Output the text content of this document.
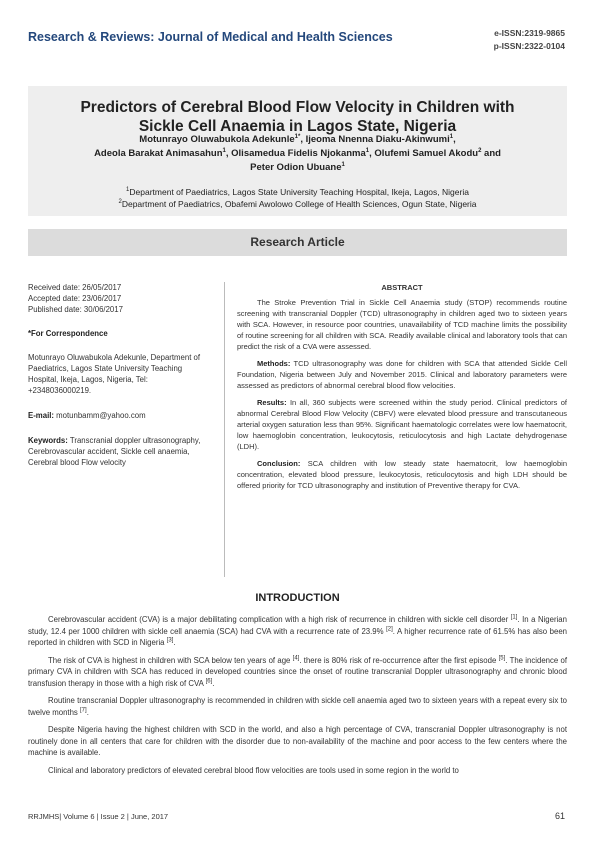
Research & Reviews: Journal of Medical and Health Sciences	e-ISSN:2319-9865
p-ISSN:2322-0104
Predictors of Cerebral Blood Flow Velocity in Children with Sickle Cell Anaemia in Lagos State, Nigeria
Motunrayo Oluwabukola Adekunle$^{1*}$, Ijeoma Nnenna Diaku-Akinwumi$^1$,
Adeola Barakat Animasahun$^1$, Olisamedua Fidelis Njokanma$^1$, Olufemi Samuel Akodu$^2$ and
Peter Odion Ubuane$^1$
$^1$Department of Paediatrics, Lagos State University Teaching Hospital, Ikeja, Lagos, Nigeria
$^2$Department of Paediatrics, Obafemi Awolowo College of Health Sciences, Ogun State, Nigeria
Research Article

Received date: 26/05/2017

Accepted date: 23/06/2017

Published date: 30/06/2017

*For Correspondence

Motunrayo Oluwabukola Adekunle, Department of Paediatrics, Lagos State University Teaching Hospital, Ikeja, Lagos, Nigeria, Tel: +2348036000219.

E-mail: motunbamm@yahoo.com

Keywords: Transcranial doppler ultrasonography, Cerebrovascular accident, Sickle cell anaemia, Cerebral blood Flow velocity

ABSTRACT

The Stroke Prevention Trial in Sickle Cell Anaemia study (STOP) recommends routine screening with transcranial Doppler (TCD) ultrasonography in children aged two to sixteen years with SCA. However, in resource poor countries, unavailability of TCD machine limits the possibility of routine screening for all children with SCA. Readily available clinical and laboratory tools that can predict the risk of a CVA were assessed.

Methods: TCD ultrasonography was done for children with SCA that attended Sickle Cell Foundation, Nigeria between July and November 2015. Clinical and laboratory parameters were assessed as predictors of abnormal cerebral blood flow velocities.

Results: In all, 360 subjects were screened within the study period. Clinical predictors of abnormal Cerebral Blood Flow Velocity (CBFV) were elevated blood pressure and transcutaneous arterial oxygen saturation less than 95%. Significant haematologic correlates were low haematocrit, low haemoglobin concentration, leukocytosis, reticulocytosis and high Lactate dehydrogenase (LDH).

Conclusion: SCA children with low steady state haematocrit, low haemoglobin concentration, elevated blood pressure, leukocytosis, reticulocytosis and high LDH should be offered priority for TCD ultrasonography and institution of Preventive therapy for CVA.

INTRODUCTION

Cerebrovascular accident (CVA) is a major debilitating complication with a high risk of recurrence in children with sickle cell disorder [1]. In a Nigerian study, 12.4 per 1000 children with sickle cell anaemia (SCA) had CVA with a recurrence rate of 23.9% [2]. A higher recurrence rate of 61.5% has also been reported in children with SCD in Nigeria [3].

The risk of CVA is highest in children with SCA below ten years of age [4]. there is 80% risk of re-occurrence after the first episode [5]. The incidence of primary CVA in children with SCA has reduced in developed countries since the onset of routine transcranial Doppler ultrasonography and chronic blood transfusion therapy in those with a high risk of CVA [6].

Routine transcranial Doppler ultrasonography is recommended in children with sickle cell anaemia aged two to sixteen years with a repeat every six to twelve months [7].

Despite Nigeria having the highest children with SCD in the world, and also a high percentage of CVA, transcranial Doppler ultrasonography is not routinely done in all centers that care for children with the disorder due to non-availability of the machine and poor access to the few centers where the machine is available.

Clinical and laboratory predictors of elevated cerebral blood flow velocities are tools used in some region in the world to

RRJMHS| Volume 6 | Issue 2 | June, 2017	61
